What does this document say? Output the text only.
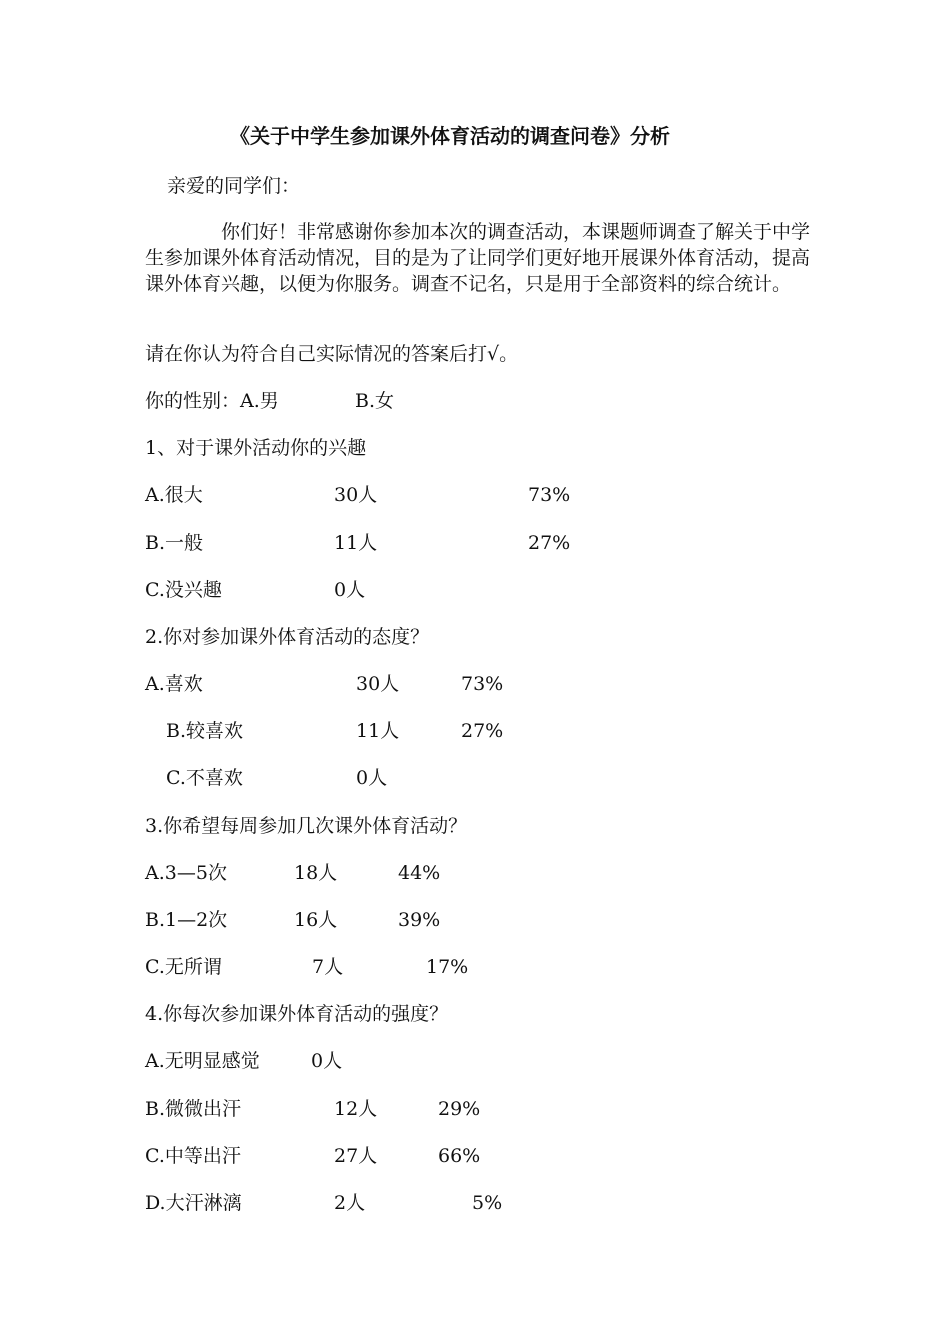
《关于中学生参加课外体育活动的调查问卷》分析
亲爱的同学们：
你们好！非常感谢你参加本次的调查活动，本课题师调查了解关于中学生参加课外体育活动情况，目的是为了让同学们更好地开展课外体育活动，提高课外体育兴趣，以便为你服务。调查不记名，只是用于全部资料的综合统计。
请在你认为符合自己实际情况的答案后打√。
你的性别：A.男	B.女
1、对于课外活动你的兴趣
A.很大	30人	73%
B.一般	11人	27%
C.没兴趣	0人
2.你对参加课外体育活动的态度？
A.喜欢	30人	73%
B.较喜欢	11人	27%
C.不喜欢	0人
3.你希望每周参加几次课外体育活动？
A.3—5次	18人	44%
B.1—2次	16人	39%
C.无所谓	7人	17%
4.你每次参加课外体育活动的强度？
A.无明显感觉	0人
B.微微出汗	12人	29%
C.中等出汗	27人	66%
D.大汗淋漓	2人	5%
